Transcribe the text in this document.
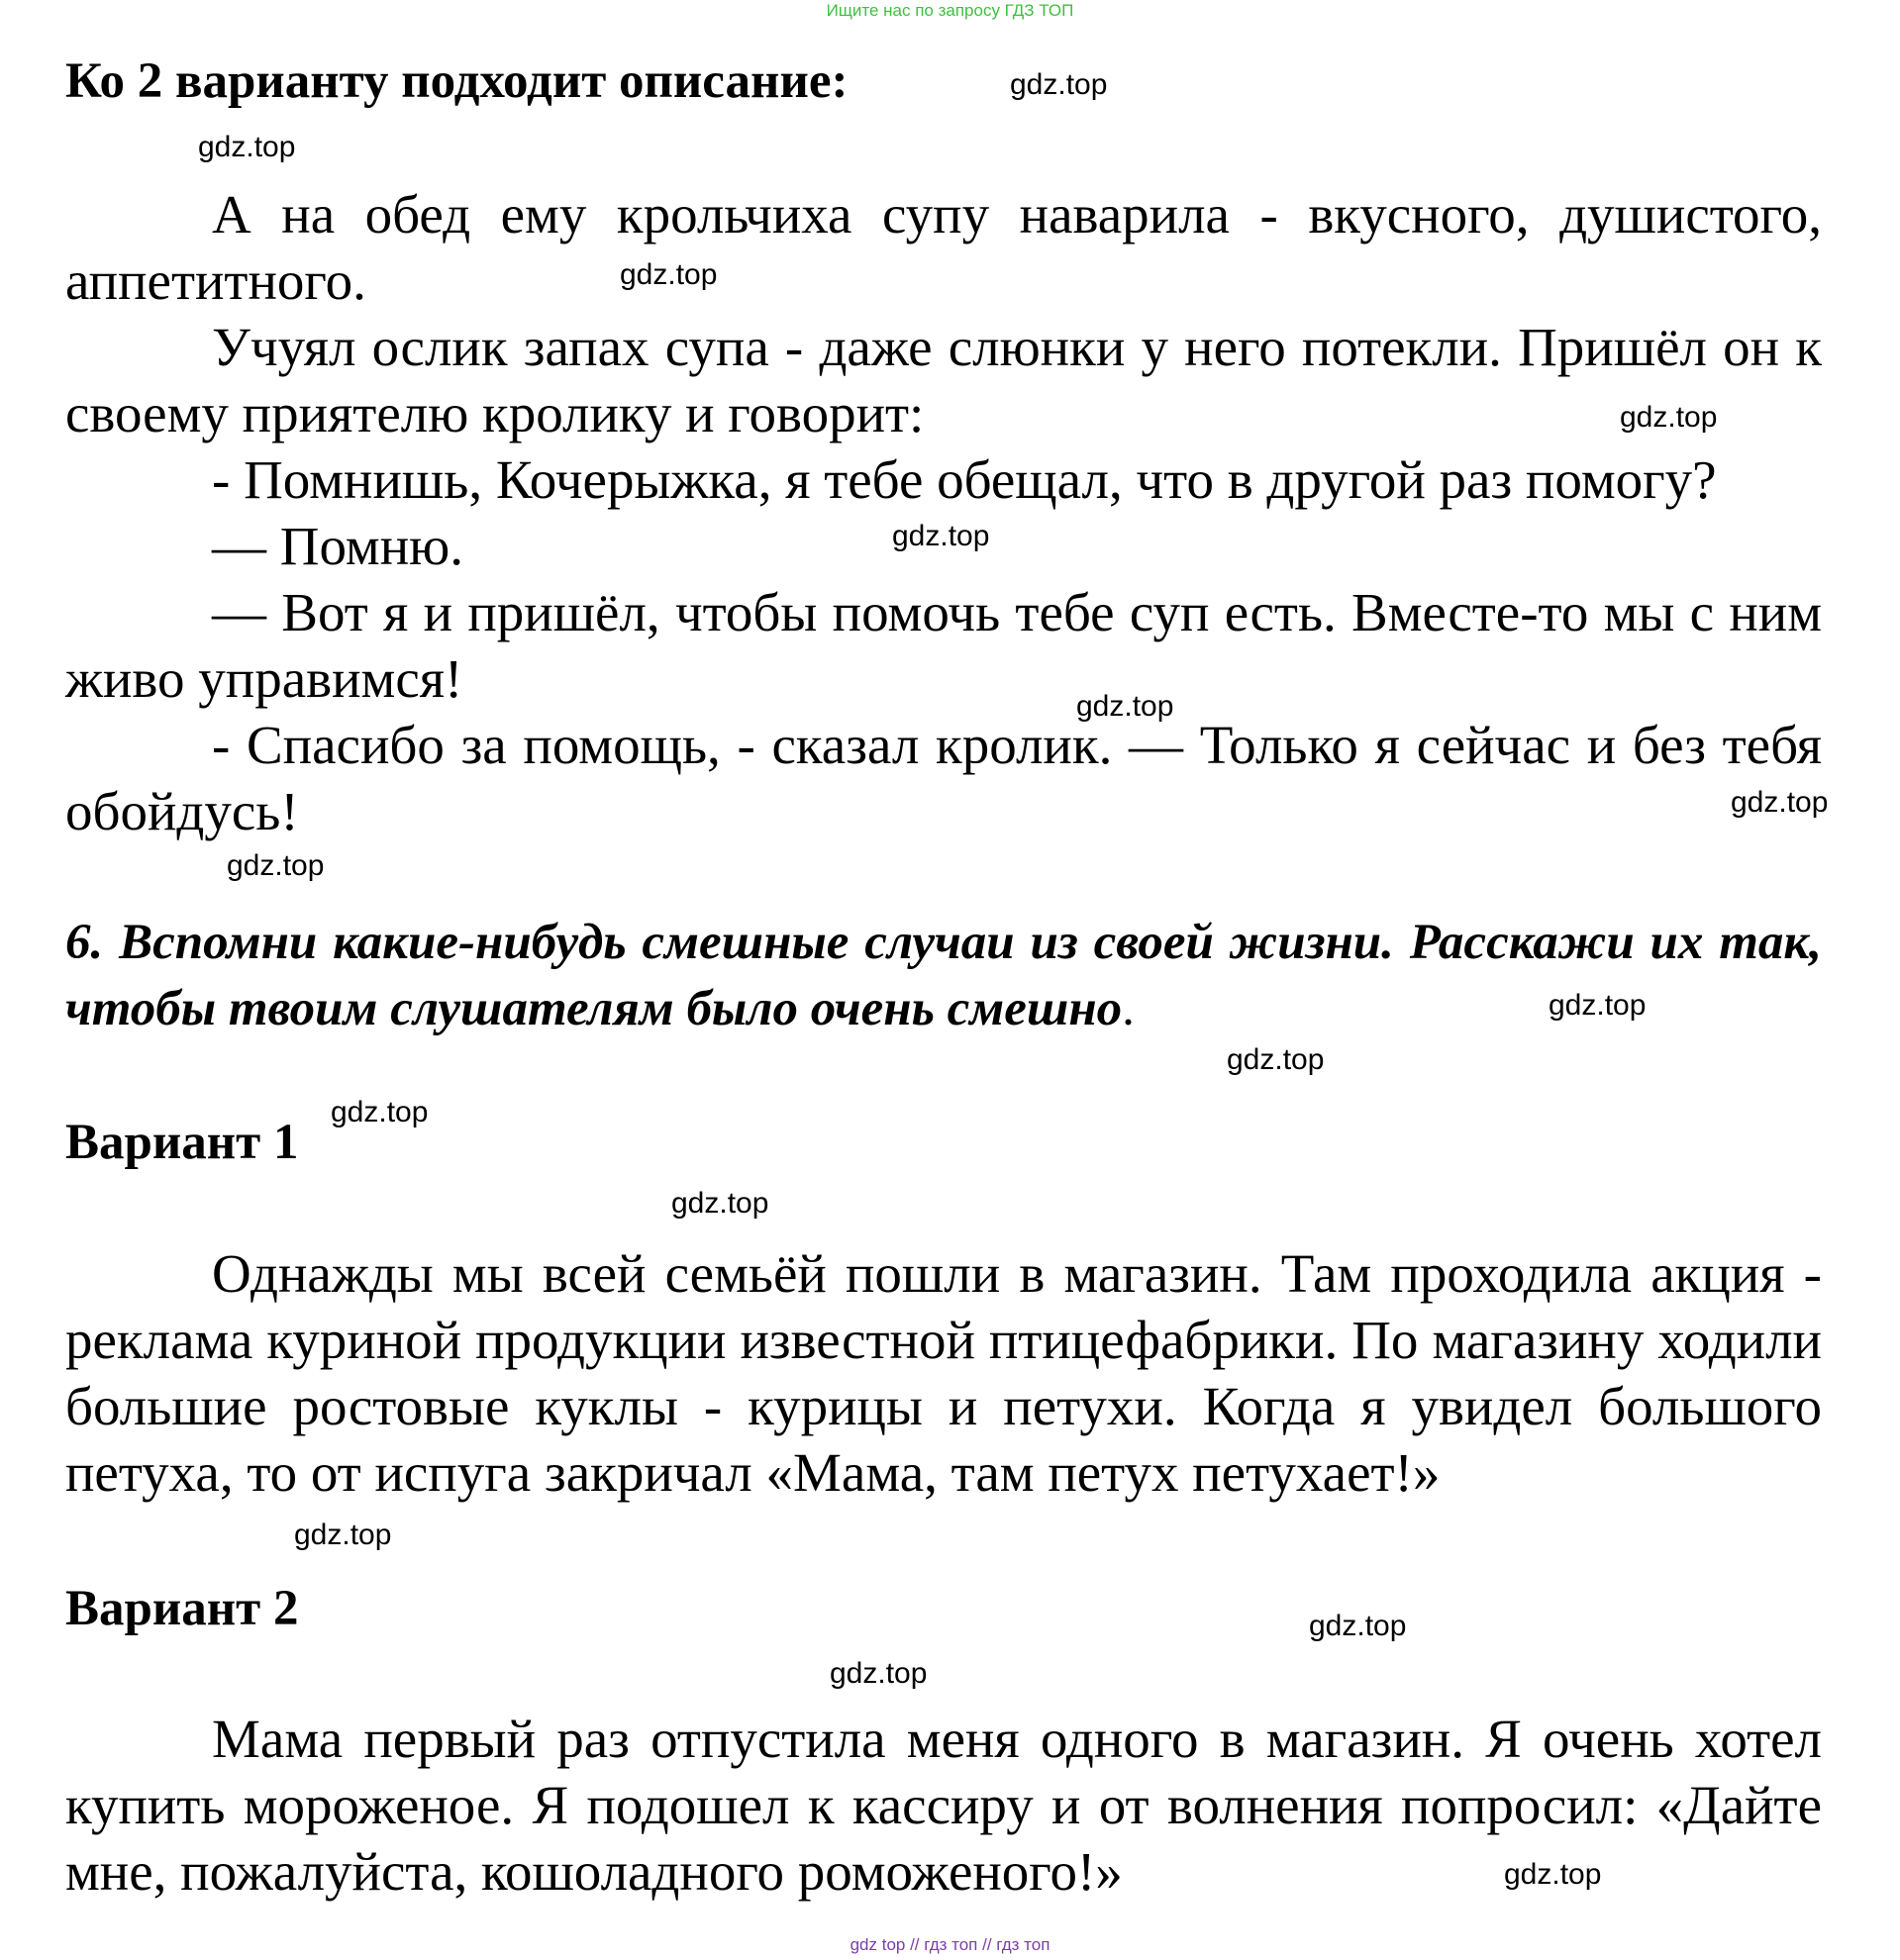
Ищите нас по запросу ГДЗ ТОП
Ко 2 варианту подходит описание:

А на обед ему крольчиха супу наварила - вкусного, душистого, аппетитного.

Учуял ослик запах супа - даже слюнки у него потекли. Пришёл он к своему приятелю кролику и говорит:

- Помнишь, Кочерыжка, я тебе обещал, что в другой раз помогу?

— Помню.

— Вот я и пришёл, чтобы помочь тебе суп есть. Вместе-то мы с ним живо управимся!

- Спасибо за помощь, - сказал кролик. — Только я сейчас и без тебя обойдусь!

6. Вспомни какие-нибудь смешные случаи из своей жизни. Расскажи их так, чтобы твоим слушателям было очень смешно.

Вариант 1

Однажды мы всей семьёй пошли в магазин. Там проходила акция - реклама куриной продукции известной птицефабрики. По магазину ходили большие ростовые куклы - курицы и петухи. Когда я увидел большого петуха, то от испуга закричал «Мама, там петух петухает!»

Вариант 2

Мама первый раз отпустила меня одного в магазин. Я очень хотел купить мороженое. Я подошел к кассиру и от волнения попросил: «Дайте мне, пожалуйста, кошоладного роможеного!»

gdz.top
gdz.top
gdz.top
gdz.top
gdz.top
gdz.top
gdz.top
gdz.top
gdz.top
gdz.top
gdz.top
gdz.top
gdz.top
gdz.top
gdz.top
gdz.top
gdz top // гдз топ // гдз топ
